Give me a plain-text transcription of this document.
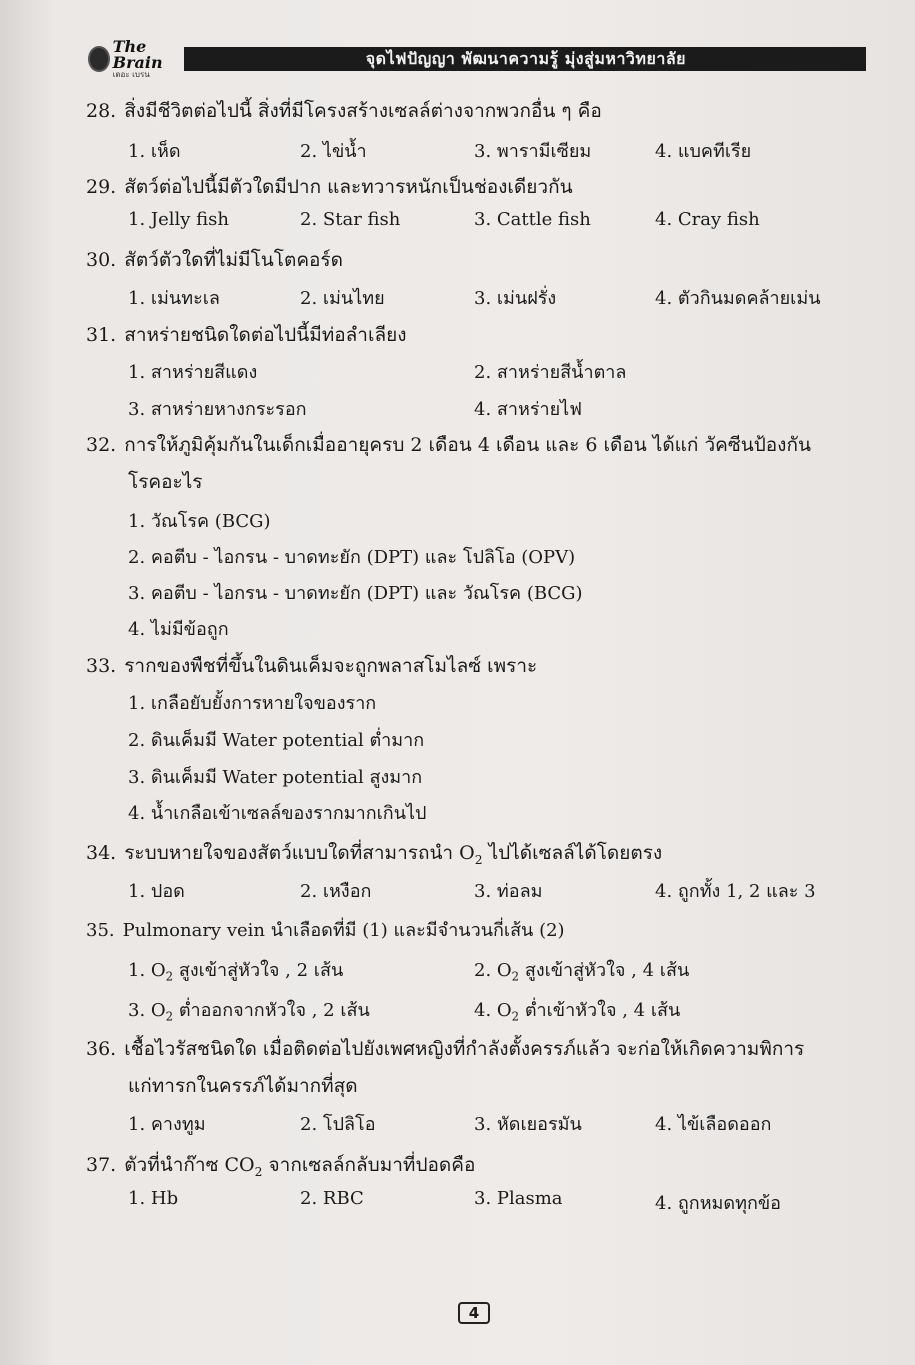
The Brain
เดอะ เบรน
จุดไฟปัญญา พัฒนาความรู้ มุ่งสู่มหาวิทยาลัย
28. สิ่งมีชีวิตต่อไปนี้ สิ่งที่มีโครงสร้างเซลล์ต่างจากพวกอื่น ๆ คือ
1. เห็ด	2. ไข่น้ำ	3. พารามีเซียม	4. แบคทีเรีย
29. สัตว์ต่อไปนี้มีตัวใดมีปาก และทวารหนักเป็นช่องเดียวกัน
1. Jelly fish	2. Star fish	3. Cattle fish	4. Cray fish
30. สัตว์ตัวใดที่ไม่มีโนโตคอร์ด
1. เม่นทะเล	2. เม่นไทย	3. เม่นฝรั่ง	4. ตัวกินมดคล้ายเม่น
31. สาหร่ายชนิดใดต่อไปนี้มีท่อลำเลียง
1. สาหร่ายสีแดง	2. สาหร่ายสีน้ำตาล
3. สาหร่ายหางกระรอก	4. สาหร่ายไฟ
32. การให้ภูมิคุ้มกันในเด็กเมื่ออายุครบ 2 เดือน 4 เดือน และ 6 เดือน ได้แก่ วัคซีนป้องกัน
โรคอะไร
1. วัณโรค (BCG)
2. คอตีบ - ไอกรน - บาดทะยัก (DPT) และ โปลิโอ (OPV)
3. คอตีบ - ไอกรน - บาดทะยัก (DPT) และ วัณโรค (BCG)
4. ไม่มีข้อถูก
33. รากของพืชที่ขึ้นในดินเค็มจะถูกพลาสโมไลซ์ เพราะ
1. เกลือยับยั้งการหายใจของราก
2. ดินเค็มมี Water potential ต่ำมาก
3. ดินเค็มมี Water potential สูงมาก
4. น้ำเกลือเข้าเซลล์ของรากมากเกินไป
34. ระบบหายใจของสัตว์แบบใดที่สามารถนำ $O_2$ ไปได้เซลล์ได้โดยตรง
1. ปอด	2. เหงือก	3. ท่อลม	4. ถูกทั้ง 1, 2 และ 3
35. Pulmonary vein นำเลือดที่มี (1) และมีจำนวนกี่เส้น (2)
1. $O_2$ สูงเข้าสู่หัวใจ , 2 เส้น	2. $O_2$ สูงเข้าสู่หัวใจ , 4 เส้น
3. $O_2$ ต่ำออกจากหัวใจ , 2 เส้น	4. $O_2$ ต่ำเข้าหัวใจ , 4 เส้น
36. เชื้อไวรัสชนิดใด เมื่อติดต่อไปยังเพศหญิงที่กำลังตั้งครรภ์แล้ว จะก่อให้เกิดความพิการ
แก่ทารกในครรภ์ได้มากที่สุด
1. คางทูม	2. โปลิโอ	3. หัดเยอรมัน	4. ไข้เลือดออก
37. ตัวที่นำก๊าซ $CO_2$ จากเซลล์กลับมาที่ปอดคือ
1. Hb	2. RBC	3. Plasma	4. ถูกหมดทุกข้อ
4
